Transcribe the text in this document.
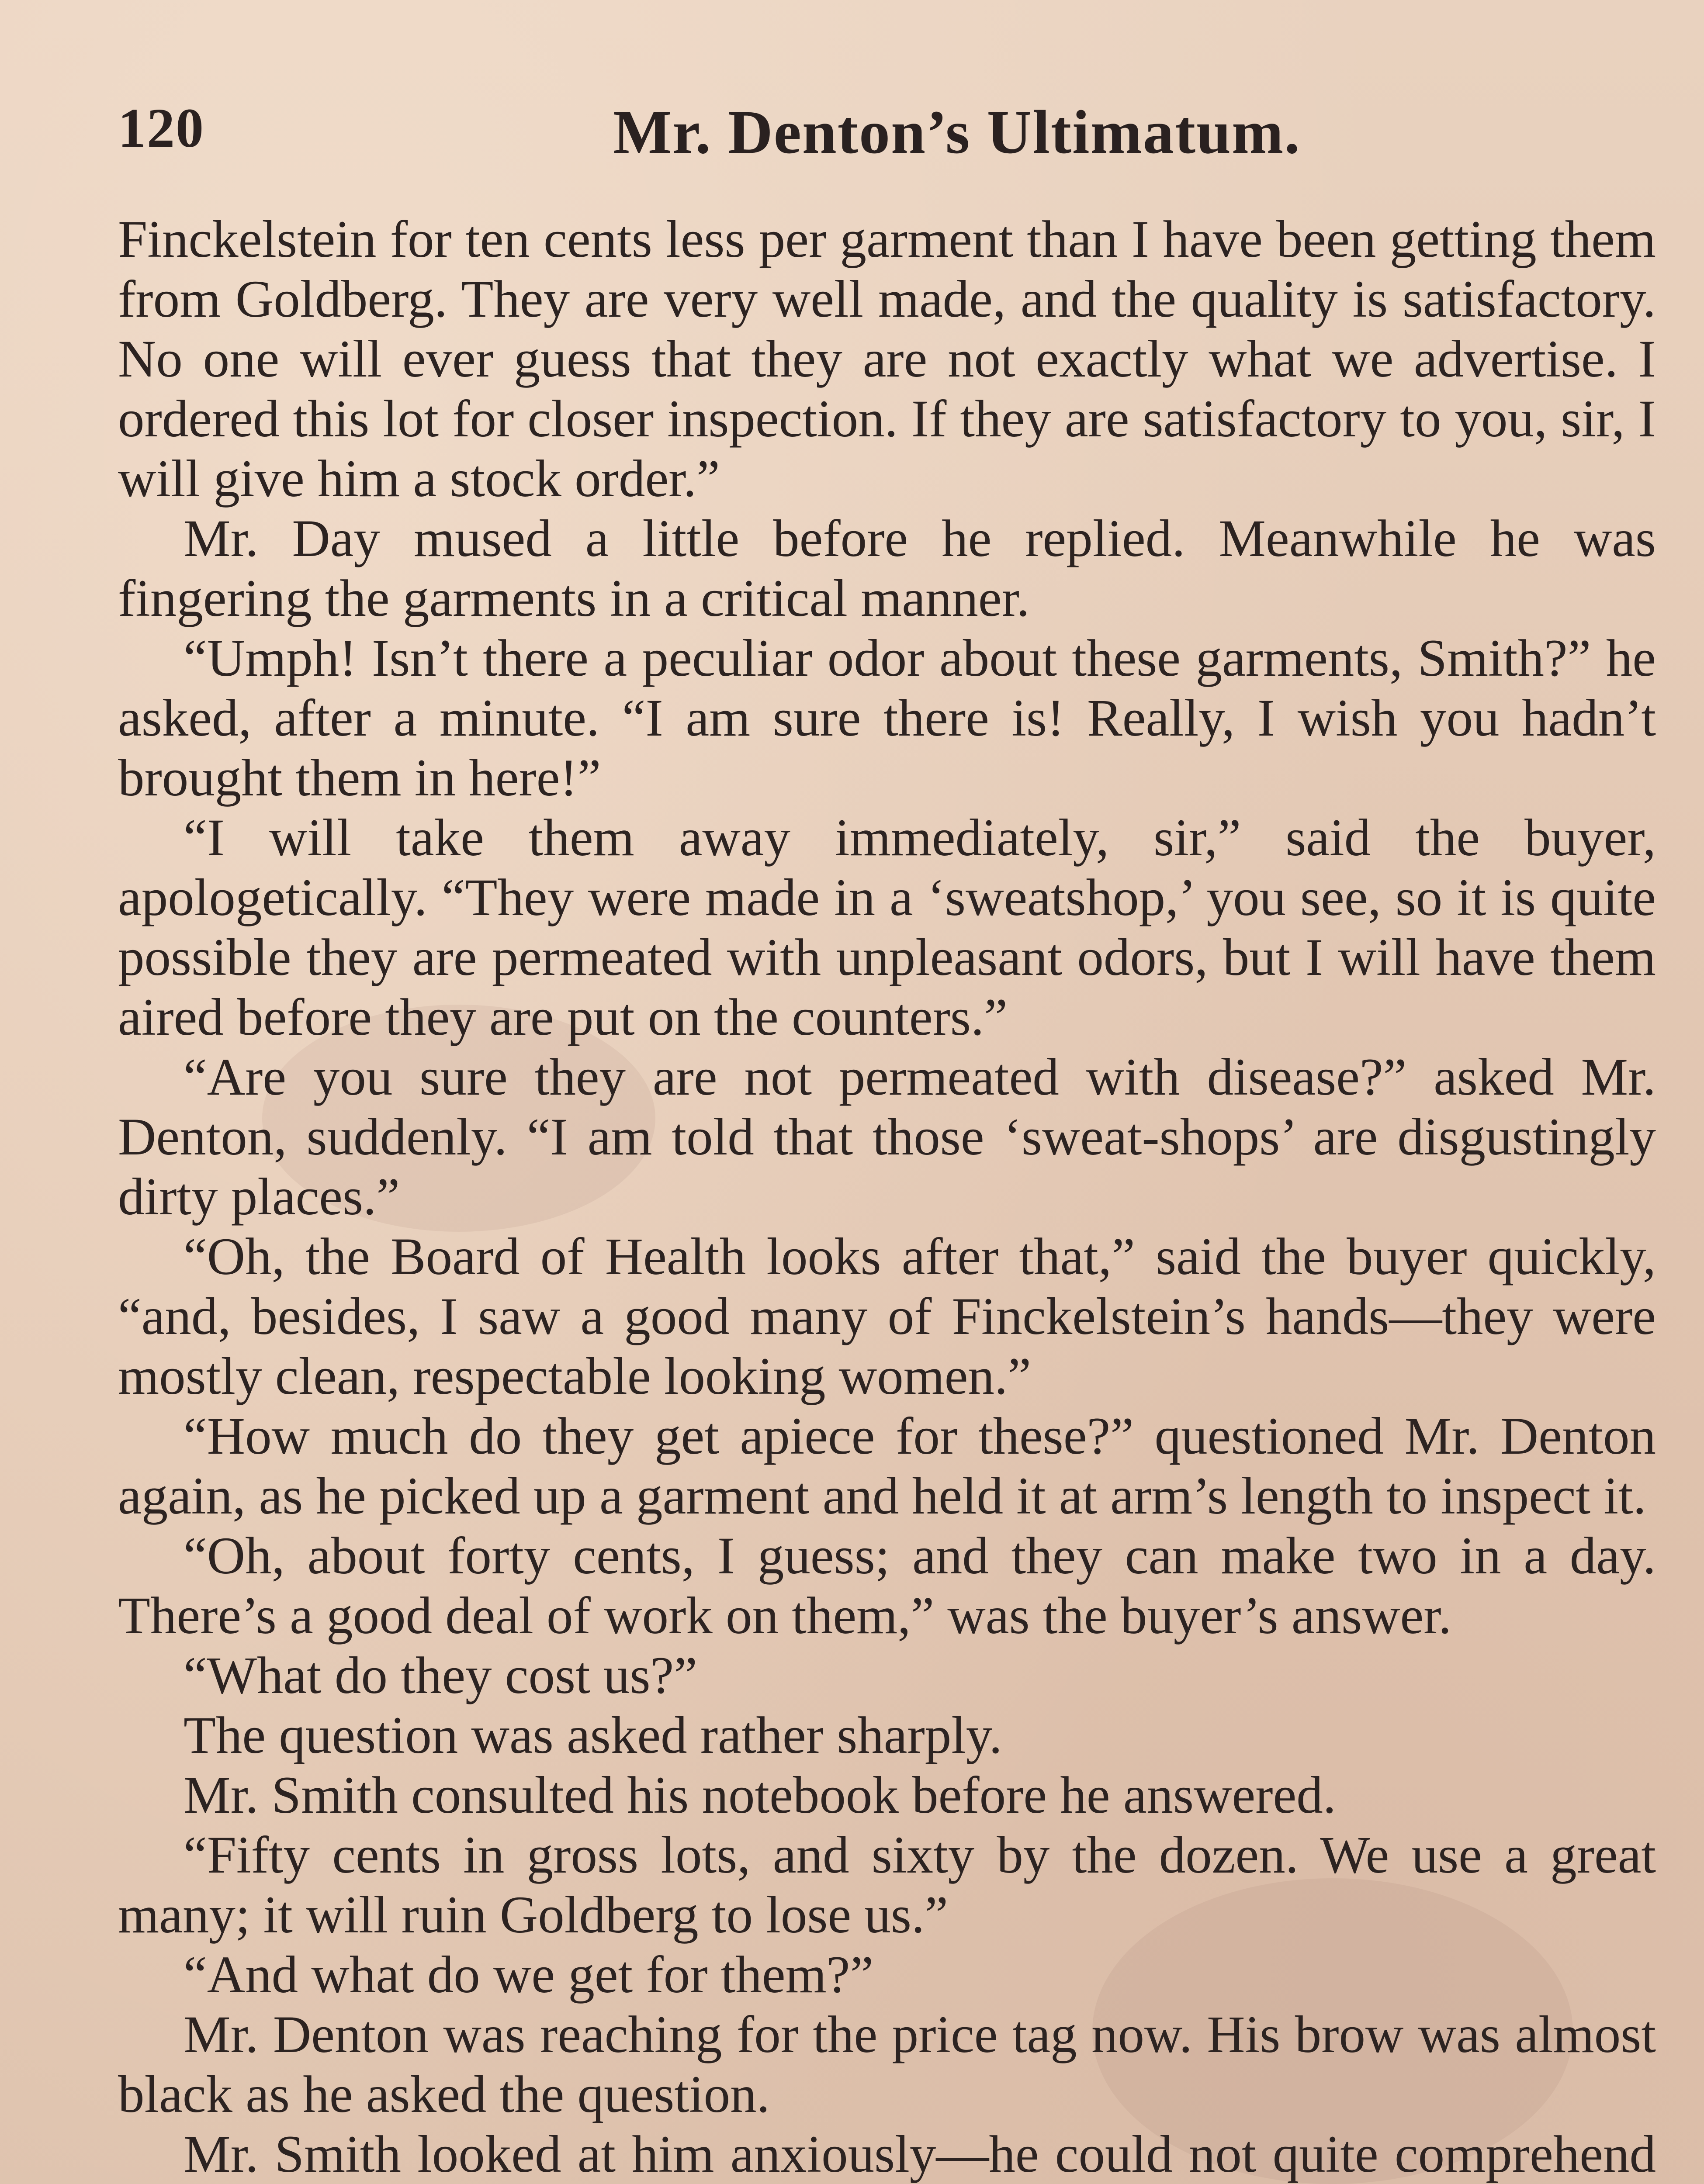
120	Mr. Denton’s Ultimatum.

Finckelstein for ten cents less per garment than I have been getting them from Goldberg. They are very well made, and the quality is satisfactory. No one will ever guess that they are not exactly what we advertise. I ordered this lot for closer inspection. If they are satisfactory to you, sir, I will give him a stock order.”

Mr. Day mused a little before he replied. Meanwhile he was fingering the garments in a critical manner.

“Umph! Isn’t there a peculiar odor about these garments, Smith?” he asked, after a minute. “I am sure there is! Really, I wish you hadn’t brought them in here!”

“I will take them away immediately, sir,” said the buyer, apologetically. “They were made in a ‘sweatshop,’ you see, so it is quite possible they are permeated with unpleasant odors, but I will have them aired before they are put on the counters.”

“Are you sure they are not permeated with disease?” asked Mr. Denton, suddenly. “I am told that those ‘sweat-shops’ are disgustingly dirty places.”

“Oh, the Board of Health looks after that,” said the buyer quickly, “and, besides, I saw a good many of Finckelstein’s hands—they were mostly clean, respectable looking women.”

“How much do they get apiece for these?” questioned Mr. Denton again, as he picked up a garment and held it at arm’s length to inspect it.

“Oh, about forty cents, I guess; and they can make two in a day. There’s a good deal of work on them,” was the buyer’s answer.

“What do they cost us?”

The question was asked rather sharply.

Mr. Smith consulted his notebook before he answered.

“Fifty cents in gross lots, and sixty by the dozen. We use a great many; it will ruin Goldberg to lose us.”

“And what do we get for them?”

Mr. Denton was reaching for the price tag now. His brow was almost black as he asked the question.

Mr. Smith looked at him anxiously—he could not quite comprehend
